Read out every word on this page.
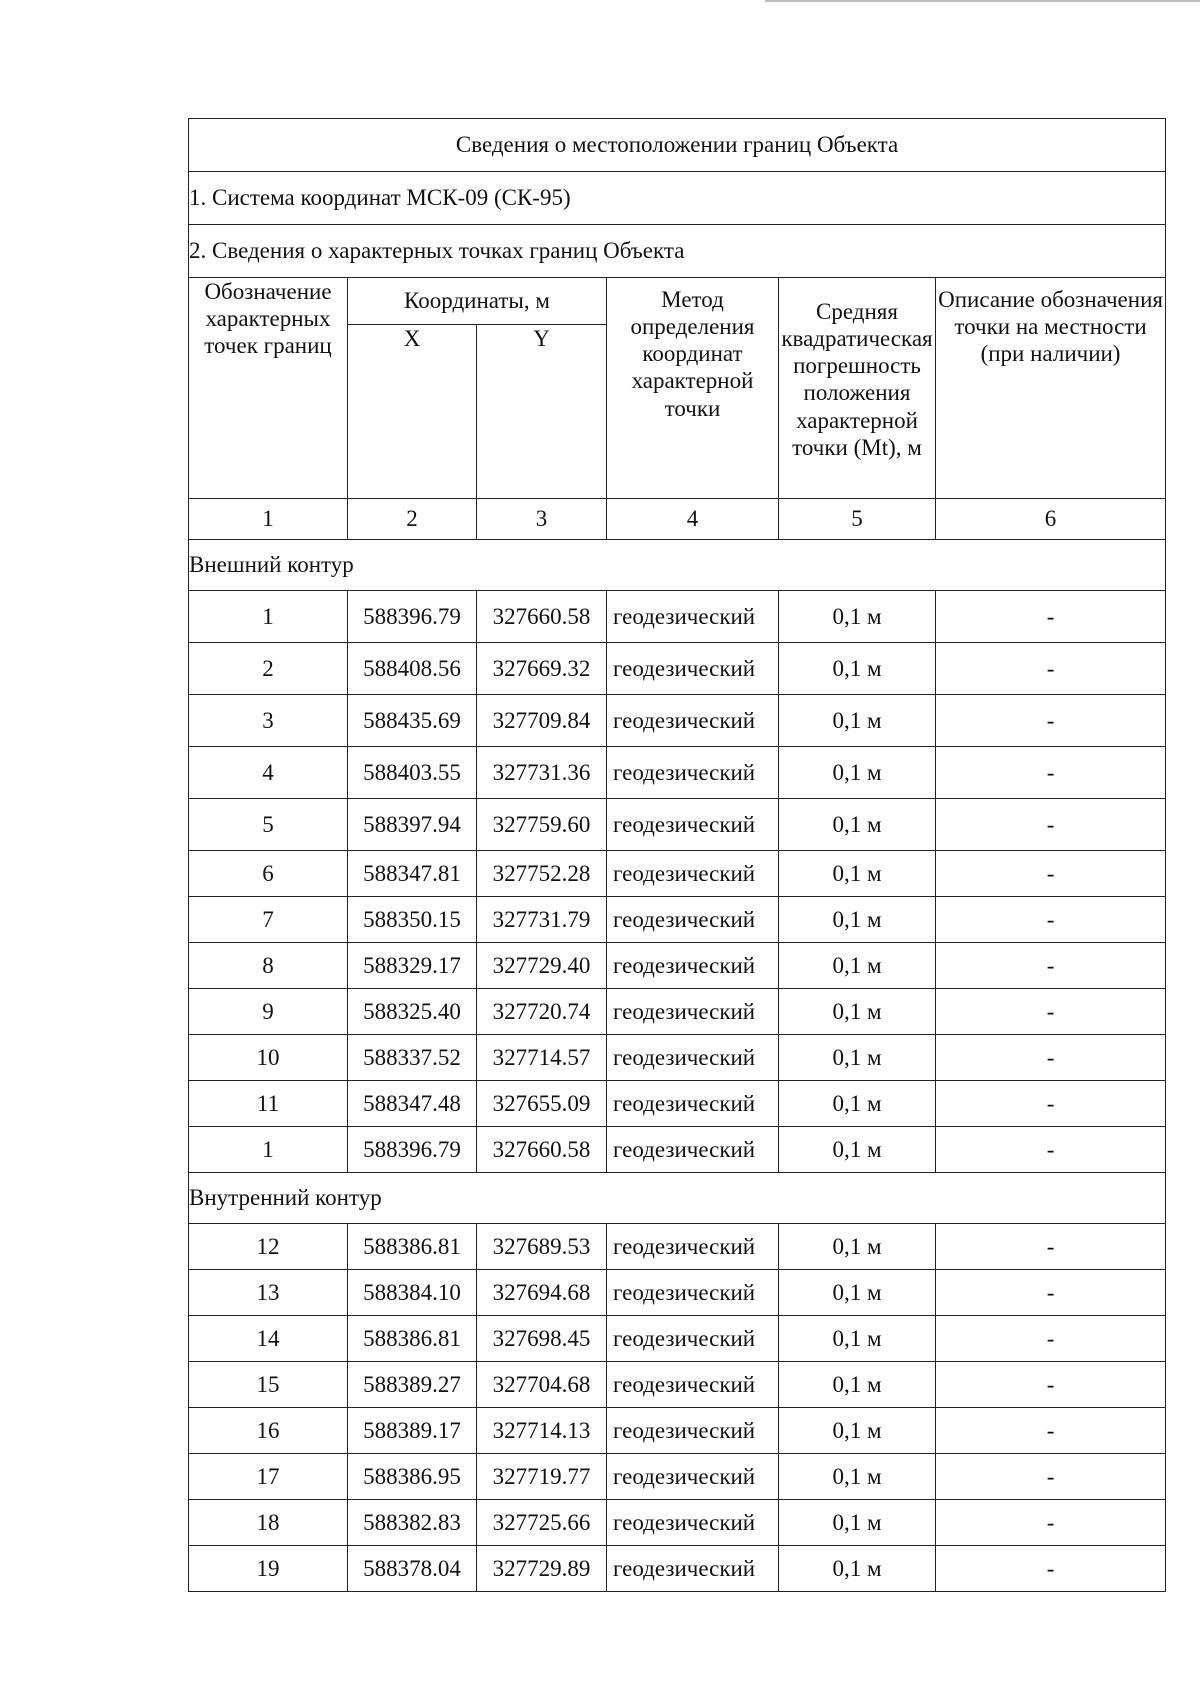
Сведения о местоположении границ Объекта					
1. Система координат МСК-09 (СК-95)					
2. Сведения о характерных точках границ Объекта					
Обозначение характерных точек границ	Координаты, м		Метод определения координат характерной точки	Средняя квадратическая погрешность положения характерной точки (Mt), м	Описание обозначения точки на местности (при наличии)
	X	Y			
1	2	3	4	5	6
Внешний контур					
1	588396.79	327660.58	геодезический	0,1 м	-
2	588408.56	327669.32	геодезический	0,1 м	-
3	588435.69	327709.84	геодезический	0,1 м	-
4	588403.55	327731.36	геодезический	0,1 м	-
5	588397.94	327759.60	геодезический	0,1 м	-
6	588347.81	327752.28	геодезический	0,1 м	-
7	588350.15	327731.79	геодезический	0,1 м	-
8	588329.17	327729.40	геодезический	0,1 м	-
9	588325.40	327720.74	геодезический	0,1 м	-
10	588337.52	327714.57	геодезический	0,1 м	-
11	588347.48	327655.09	геодезический	0,1 м	-
1	588396.79	327660.58	геодезический	0,1 м	-
Внутренний контур					
12	588386.81	327689.53	геодезический	0,1 м	-
13	588384.10	327694.68	геодезический	0,1 м	-
14	588386.81	327698.45	геодезический	0,1 м	-
15	588389.27	327704.68	геодезический	0,1 м	-
16	588389.17	327714.13	геодезический	0,1 м	-
17	588386.95	327719.77	геодезический	0,1 м	-
18	588382.83	327725.66	геодезический	0,1 м	-
19	588378.04	327729.89	геодезический	0,1 м	-
